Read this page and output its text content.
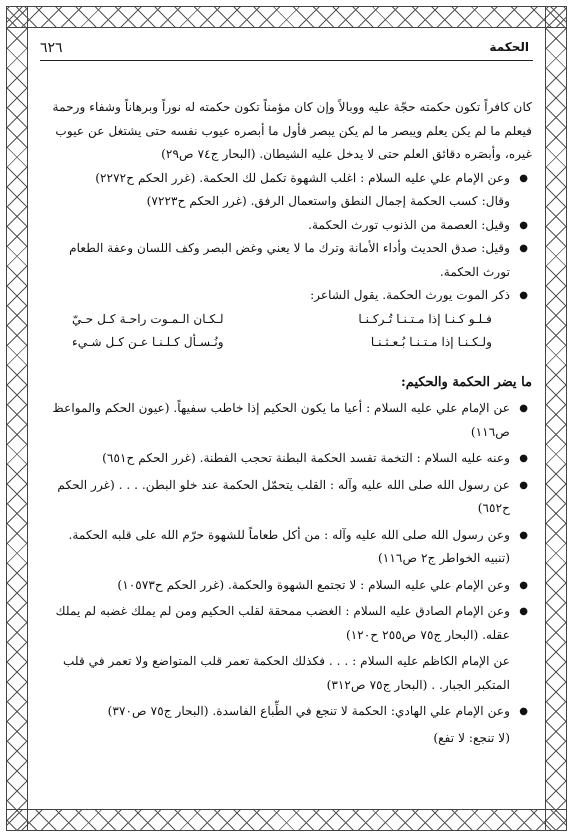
٦٢٦	الحكمة

كان كافراً تكون حكمته حجّة عليه ووبالاً وإن كان مؤمناً تكون حكمته له نوراً وبرهاناً وشفاء ورحمة فيعلم ما لم يكن يعلم ويبصر ما لم يكن يبصر فأول ما أبصره عيوب نفسه حتى يشتغل عن عيوب غيره، وأبصَره دقائق العلم حتى لا يدخل عليه الشيطان. (البحار ج٧٤ ص٢٩)

● وعن الإمام علي عليه السلام : اغلب الشهوة تكمل لك الحكمة. (غرر الحكم ح٢٢٧٢)
وقال: كسب الحكمة إجمال النطق واستعمال الرفق. (غرر الحكم ح٧٢٢٣)
● وقيل: العصمة من الذنوب تورث الحكمة.
● وقيل: صدق الحديث وأداء الأمانة وترك ما لا يعني وغض البصر وكف اللسان وعفة الطعام تورث الحكمة.
● ذكر الموت يورث الحكمة. يقول الشاعر:
فـلـو كـنـا إذا مـتـنـا تُـركـنـا
لـكـان الـمـوت راحـة كـل حـيّ
ولـكـنـا إذا مـتـنـا بُـعـثـنـا
ونُـسـأل كـلـنـا عـن كـل شـيء

ما يضر الحكمة والحكيم:

● عن الإمام علي عليه السلام : أعيا ما يكون الحكيم إذا خاطب سفيهاً. (عيون الحكم والمواعظ ص١١٦)
● وعنه عليه السلام : التخمة تفسد الحكمة البطنة تحجب الفطنة. (غرر الحكم ح٦٥١)
● عن رسول الله صلى الله عليه وآله : القلب يتحمّل الحكمة عند خلو البطن. . . . (غرر الحكم ح٦٥٢)
● وعن رسول الله صلى الله عليه وآله : من أكل طعاماً للشهوة حرّم الله على قلبه الحكمة. (تنبيه الخواطر ج٢ ص١١٦)
● وعن الإمام علي عليه السلام : لا تجتمع الشهوة والحكمة. (غرر الحكم ح١٠٥٧٣)
● وعن الإمام الصادق عليه السلام : الغضب ممحقة لقلب الحكيم ومن لم يملك غضبه لم يملك عقله. (البحار ج٧٥ ص٢٥٥ ح١٢٠)
عن الإمام الكاظم عليه السلام : . . . فكذلك الحكمة تعمر قلب المتواضع ولا تعمر في قلب المتكبر الجبار. . (البحار ج٧٥ ص٣١٢)
● وعن الإمام علي الهادي: الحكمة لا تنجع في الطِّباع الفاسدة. (البحار ج٧٥ ص٣٧٠)
(لا تنجع: لا تفع)
